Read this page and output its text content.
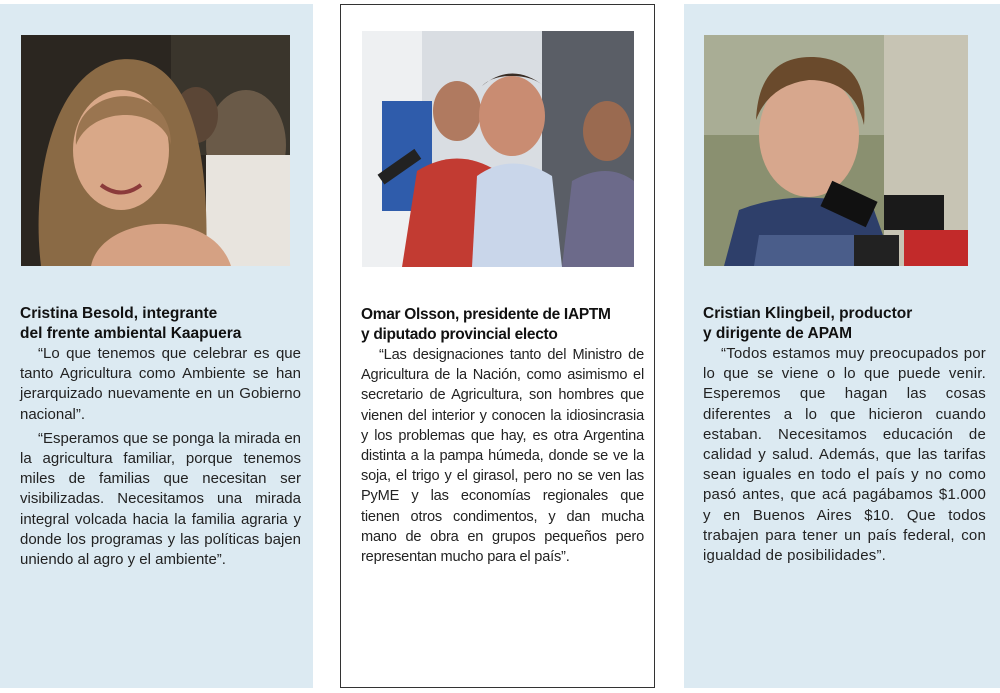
Cristina Besold, integrante
del frente ambiental Kaapuera

“Lo que tenemos que celebrar es que tanto Agricultura como Ambiente se han jerarquizado nuevamente en un Gobierno nacional”.

“Esperamos que se ponga la mirada en la agricultura familiar, porque tenemos miles de familias que necesitan ser visibilizadas. Necesitamos una mirada integral volcada hacia la familia agraria y donde los programas y las políticas bajen uniendo al agro y el ambiente”.

Omar Olsson, presidente de IAPTM
y diputado provincial electo

“Las designaciones tanto del Ministro de Agricultura de la Nación, como asimismo el secretario de Agricultura, son hombres que vienen del interior y conocen la idiosincrasia y los problemas que hay, es otra Argentina distinta a la pampa húmeda, donde se ve la soja, el trigo y el girasol, pero no se ven las PyME y las economías regionales que tienen otros condimentos, y dan mucha mano de obra en grupos pequeños pero representan mucho para el país”.

Cristian Klingbeil, productor
y dirigente de APAM

“Todos estamos muy preocupados por lo que se viene o lo que puede venir. Esperemos que hagan las cosas diferentes a lo que hicieron cuando estaban. Necesitamos educación de calidad y salud. Además, que las tarifas sean iguales en todo el país y no como pasó antes, que acá pagábamos $1.000 y en Buenos Aires $10. Que todos trabajen para tener un país federal, con igualdad de posibilidades”.
